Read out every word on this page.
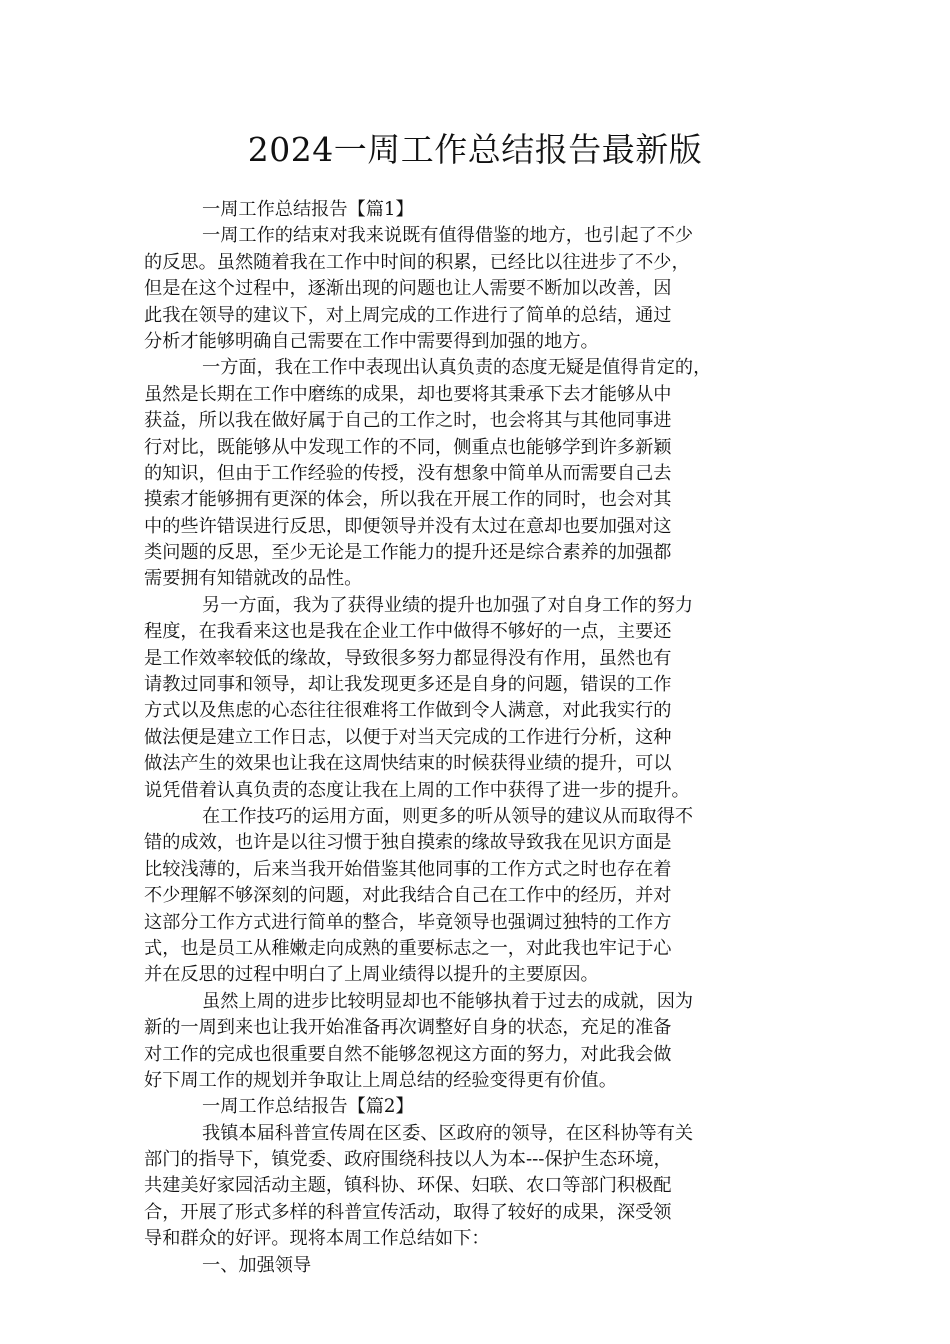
2024一周工作总结报告最新版
一周工作总结报告【篇1】
一周工作的结束对我来说既有值得借鉴的地方，也引起了不少
的反思。虽然随着我在工作中时间的积累，已经比以往进步了不少，
但是在这个过程中，逐渐出现的问题也让人需要不断加以改善，因
此我在领导的建议下，对上周完成的工作进行了简单的总结，通过
分析才能够明确自己需要在工作中需要得到加强的地方。
一方面，我在工作中表现出认真负责的态度无疑是值得肯定的，
虽然是长期在工作中磨练的成果，却也要将其秉承下去才能够从中
获益，所以我在做好属于自己的工作之时，也会将其与其他同事进
行对比，既能够从中发现工作的不同，侧重点也能够学到许多新颖
的知识，但由于工作经验的传授，没有想象中简单从而需要自己去
摸索才能够拥有更深的体会，所以我在开展工作的同时，也会对其
中的些许错误进行反思，即便领导并没有太过在意却也要加强对这
类问题的反思，至少无论是工作能力的提升还是综合素养的加强都
需要拥有知错就改的品性。
另一方面，我为了获得业绩的提升也加强了对自身工作的努力
程度，在我看来这也是我在企业工作中做得不够好的一点，主要还
是工作效率较低的缘故，导致很多努力都显得没有作用，虽然也有
请教过同事和领导，却让我发现更多还是自身的问题，错误的工作
方式以及焦虑的心态往往很难将工作做到令人满意，对此我实行的
做法便是建立工作日志，以便于对当天完成的工作进行分析，这种
做法产生的效果也让我在这周快结束的时候获得业绩的提升，可以
说凭借着认真负责的态度让我在上周的工作中获得了进一步的提升。
在工作技巧的运用方面，则更多的听从领导的建议从而取得不
错的成效，也许是以往习惯于独自摸索的缘故导致我在见识方面是
比较浅薄的，后来当我开始借鉴其他同事的工作方式之时也存在着
不少理解不够深刻的问题，对此我结合自己在工作中的经历，并对
这部分工作方式进行简单的整合，毕竟领导也强调过独特的工作方
式，也是员工从稚嫩走向成熟的重要标志之一，对此我也牢记于心
并在反思的过程中明白了上周业绩得以提升的主要原因。
虽然上周的进步比较明显却也不能够执着于过去的成就，因为
新的一周到来也让我开始准备再次调整好自身的状态，充足的准备
对工作的完成也很重要自然不能够忽视这方面的努力，对此我会做
好下周工作的规划并争取让上周总结的经验变得更有价值。
一周工作总结报告【篇2】
我镇本届科普宣传周在区委、区政府的领导，在区科协等有关
部门的指导下，镇党委、政府围绕科技以人为本---保护生态环境，
共建美好家园活动主题，镇科协、环保、妇联、农口等部门积极配
合，开展了形式多样的科普宣传活动，取得了较好的成果，深受领
导和群众的好评。现将本周工作总结如下：
一、加强领导
